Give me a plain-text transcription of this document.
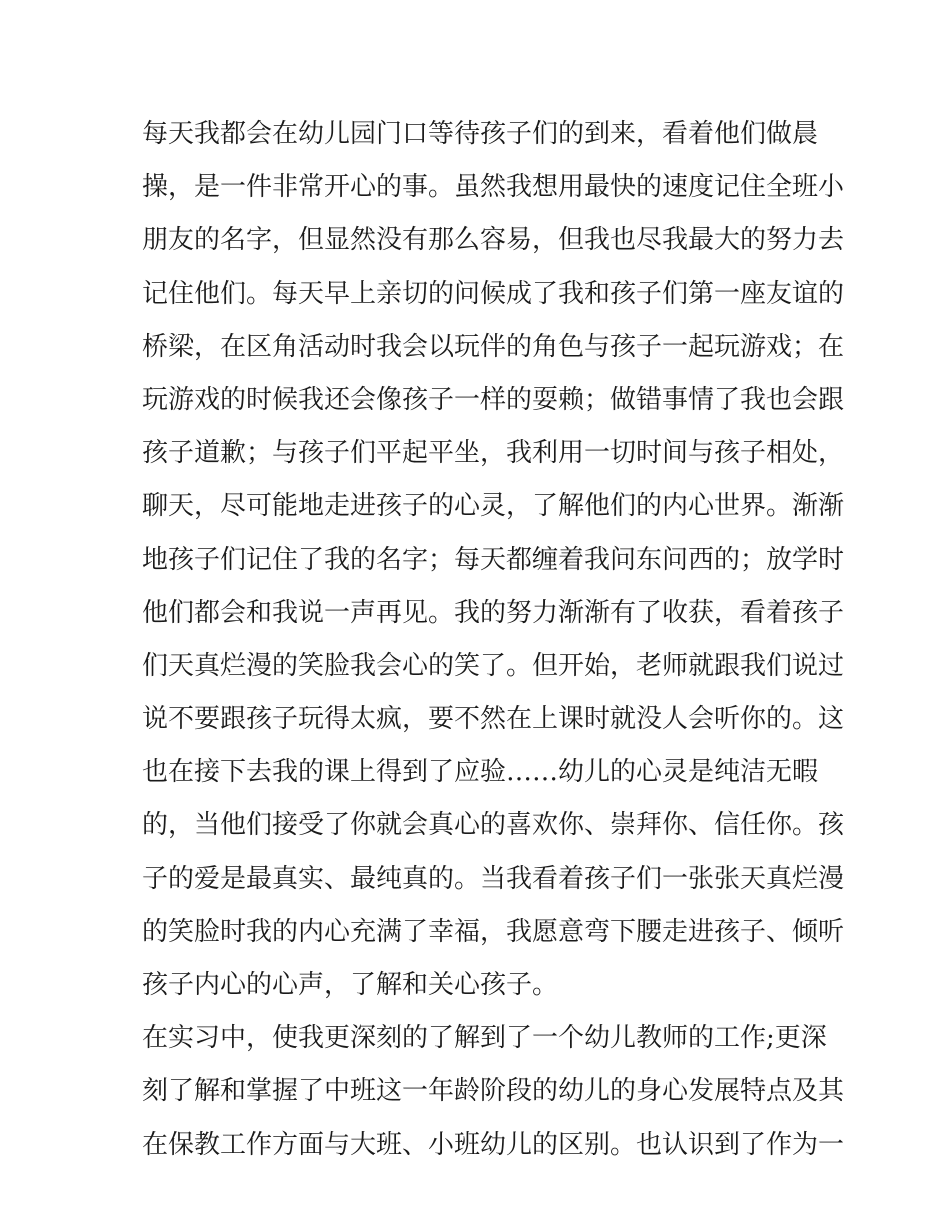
每天我都会在幼儿园门口等待孩子们的到来，看着他们做晨
操，是一件非常开心的事。虽然我想用最快的速度记住全班小
朋友的名字，但显然没有那么容易，但我也尽我最大的努力去
记住他们。每天早上亲切的问候成了我和孩子们第一座友谊的
桥梁，在区角活动时我会以玩伴的角色与孩子一起玩游戏；在
玩游戏的时候我还会像孩子一样的耍赖；做错事情了我也会跟
孩子道歉；与孩子们平起平坐，我利用一切时间与孩子相处，
聊天，尽可能地走进孩子的心灵，了解他们的内心世界。渐渐
地孩子们记住了我的名字；每天都缠着我问东问西的；放学时
他们都会和我说一声再见。我的努力渐渐有了收获，看着孩子
们天真烂漫的笑脸我会心的笑了。但开始，老师就跟我们说过
说不要跟孩子玩得太疯，要不然在上课时就没人会听你的。这
也在接下去我的课上得到了应验……幼儿的心灵是纯洁无暇
的，当他们接受了你就会真心的喜欢你、崇拜你、信任你。孩
子的爱是最真实、最纯真的。当我看着孩子们一张张天真烂漫
的笑脸时我的内心充满了幸福，我愿意弯下腰走进孩子、倾听
孩子内心的心声，了解和关心孩子。
在实习中，使我更深刻的了解到了一个幼儿教师的工作;更深
刻了解和掌握了中班这一年龄阶段的幼儿的身心发展特点及其
在保教工作方面与大班、小班幼儿的区别。也认识到了作为一
